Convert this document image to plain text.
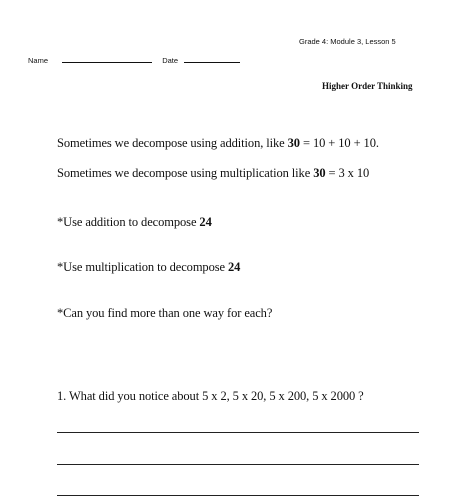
Grade 4: Module 3, Lesson 5
Name	Date
Higher Order Thinking
Sometimes we decompose using addition, like 30 = 10 + 10 + 10.
Sometimes we decompose using multiplication like 30 = 3 x 10
*Use addition to decompose 24
*Use multiplication to decompose 24
*Can you find more than one way for each?
1. What did you notice about 5 x 2, 5 x 20, 5 x 200, 5 x 2000 ?
